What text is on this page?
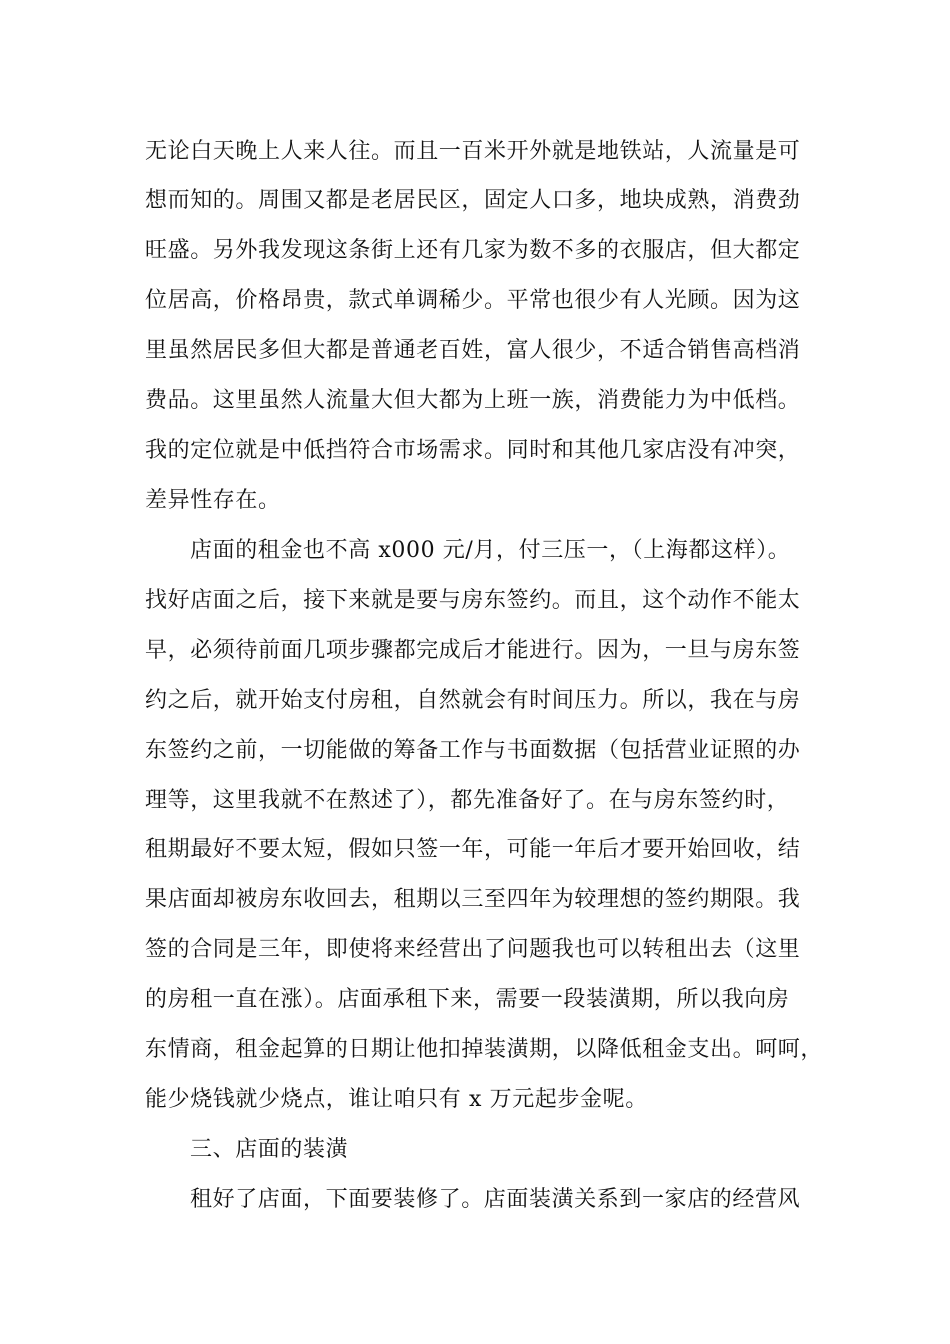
无论白天晚上人来人往。而且一百米开外就是地铁站，人流量是可
想而知的。周围又都是老居民区，固定人口多，地块成熟，消费劲
旺盛。另外我发现这条街上还有几家为数不多的衣服店，但大都定
位居高，价格昂贵，款式单调稀少。平常也很少有人光顾。因为这
里虽然居民多但大都是普通老百姓，富人很少，不适合销售高档消
费品。这里虽然人流量大但大都为上班一族，消费能力为中低档。
我的定位就是中低挡符合市场需求。同时和其他几家店没有冲突，
差异性存在。
店面的租金也不高 x000 元/月，付三压一，（上海都这样）。
找好店面之后，接下来就是要与房东签约。而且，这个动作不能太
早，必须待前面几项步骤都完成后才能进行。因为，一旦与房东签
约之后，就开始支付房租，自然就会有时间压力。所以，我在与房
东签约之前，一切能做的筹备工作与书面数据（包括营业证照的办
理等，这里我就不在熬述了），都先准备好了。在与房东签约时，
租期最好不要太短，假如只签一年，可能一年后才要开始回收，结
果店面却被房东收回去，租期以三至四年为较理想的签约期限。我
签的合同是三年，即使将来经营出了问题我也可以转租出去（这里
的房租一直在涨）。店面承租下来，需要一段装潢期，所以我向房
东情商，租金起算的日期让他扣掉装潢期，以降低租金支出。呵呵，
能少烧钱就少烧点，谁让咱只有 x 万元起步金呢。
三、店面的装潢
租好了店面，下面要装修了。店面装潢关系到一家店的经营风
